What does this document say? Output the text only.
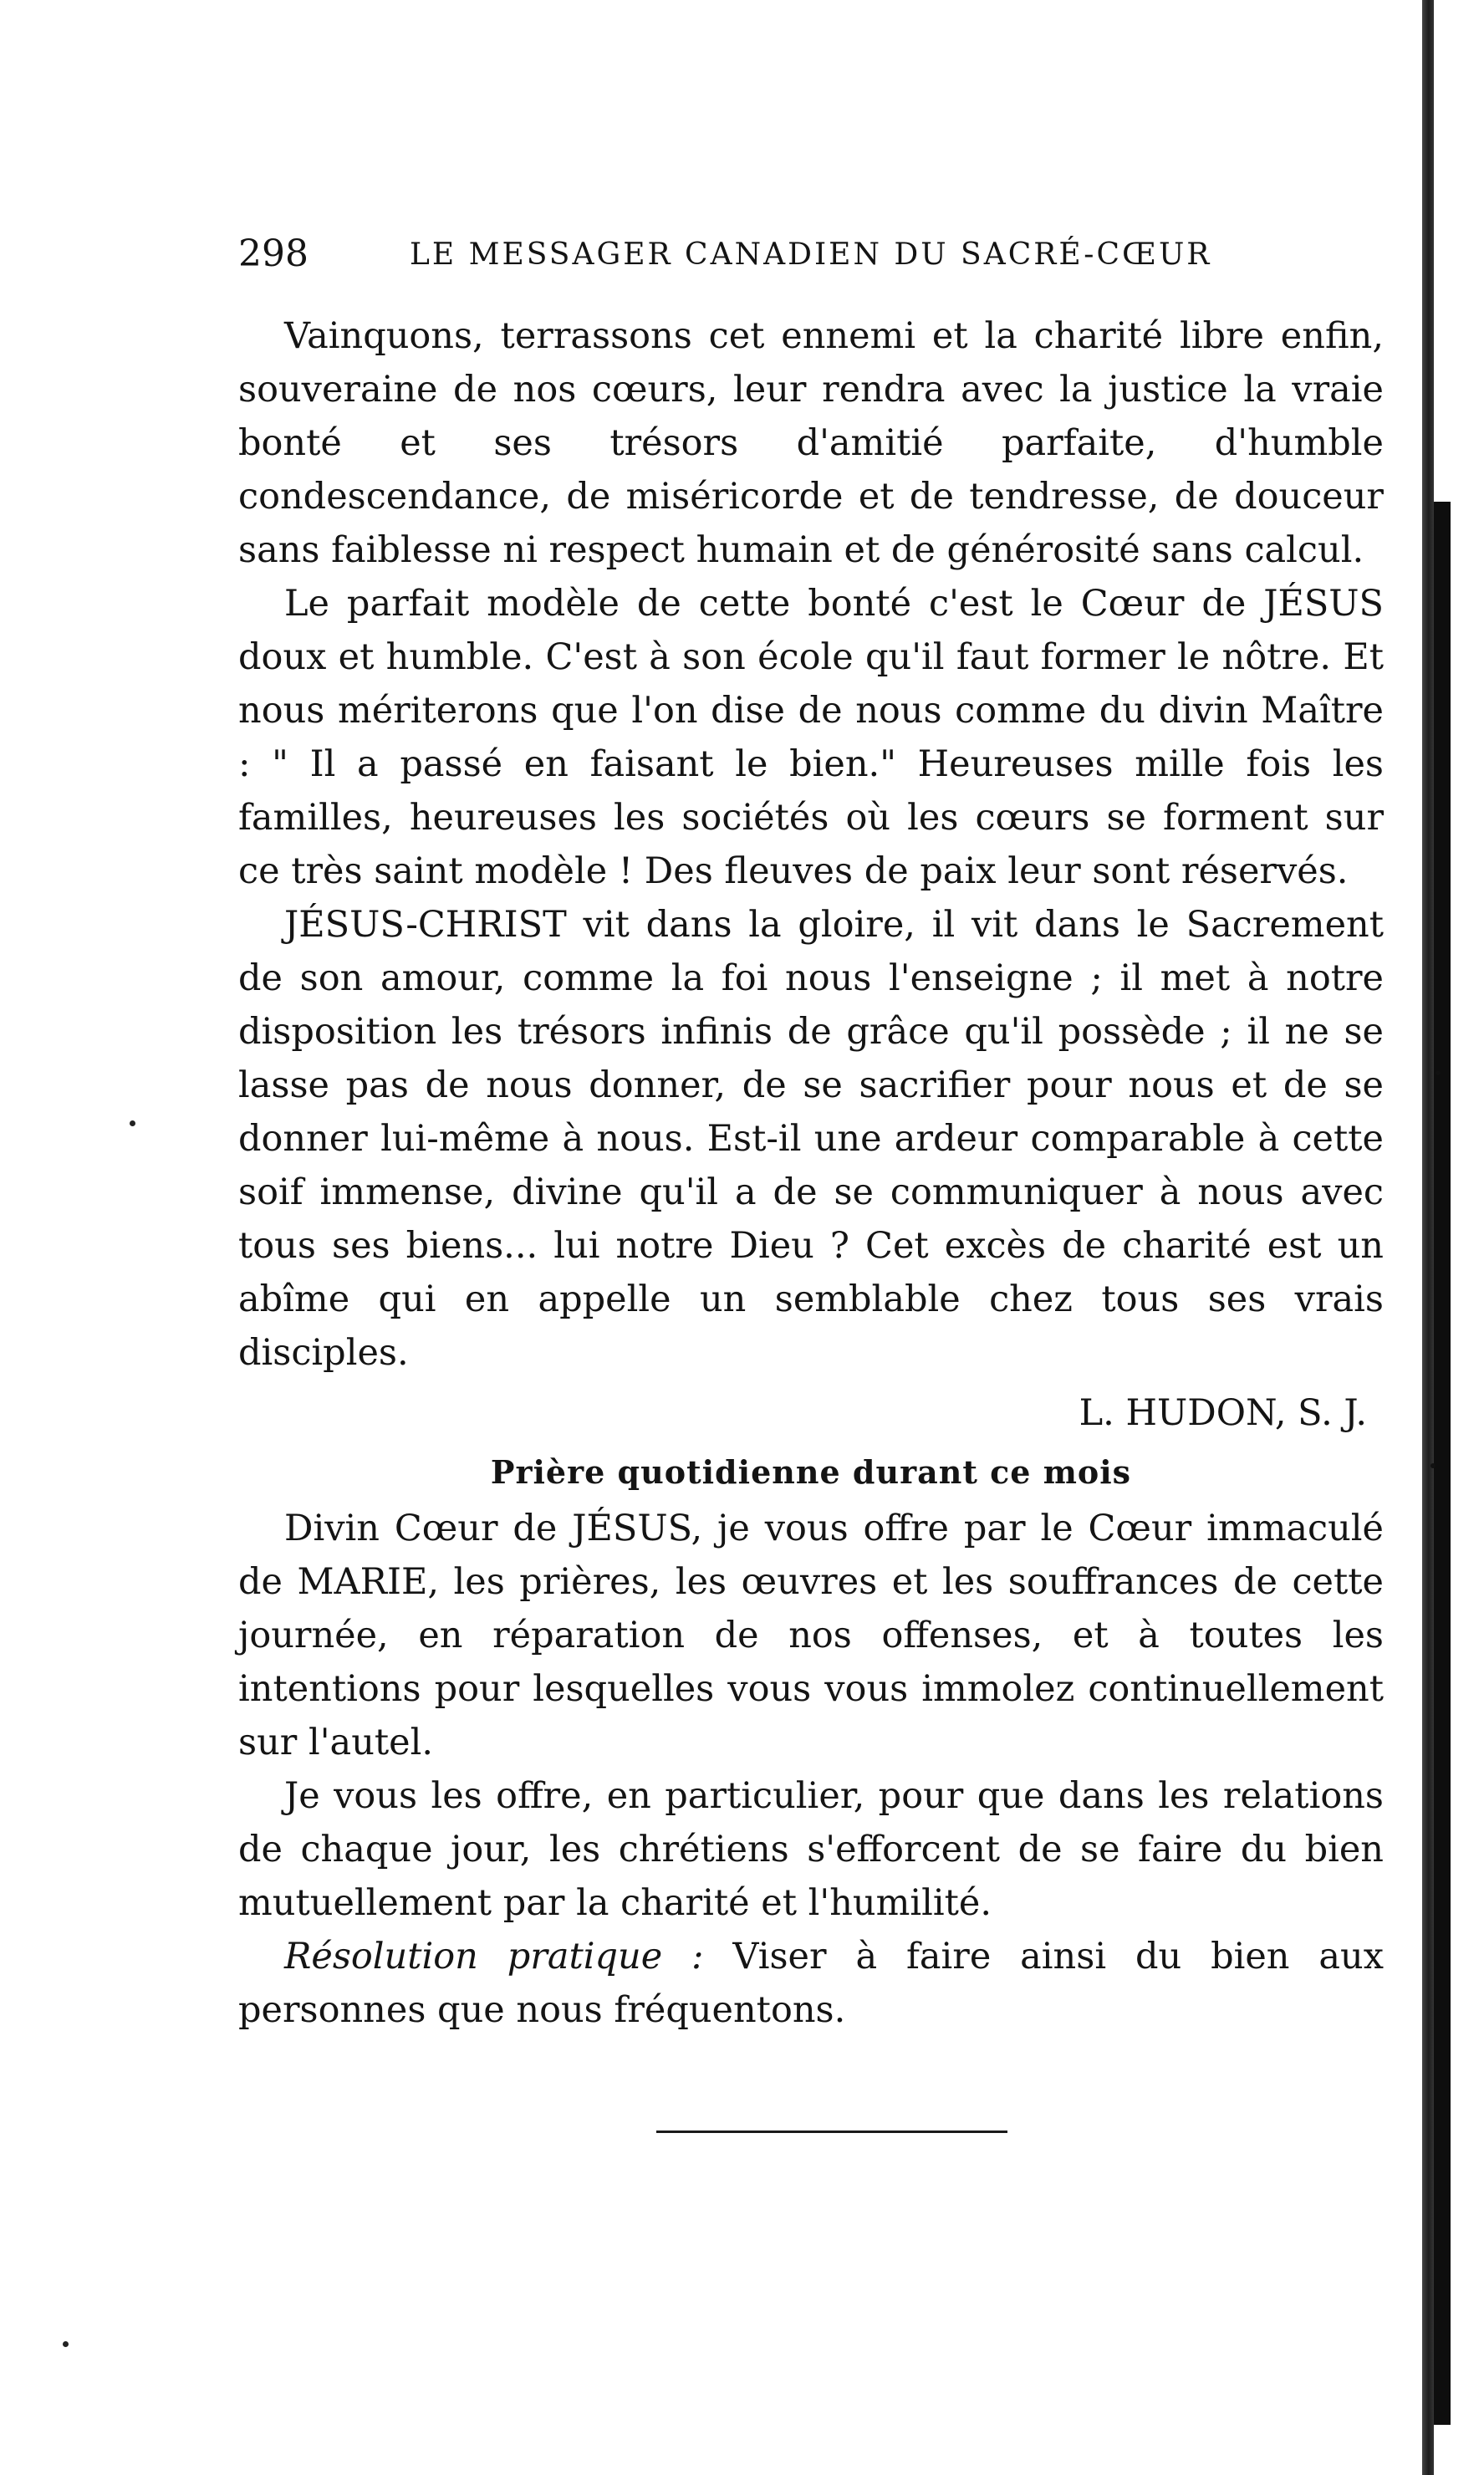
298	LE MESSAGER CANADIEN DU SACRÉ-CŒUR

Vainquons, terrassons cet ennemi et la charité libre enfin, souveraine de nos cœurs, leur rendra avec la justice la vraie bonté et ses trésors d'amitié parfaite, d'humble condescendance, de miséricorde et de tendresse, de douceur sans faiblesse ni respect humain et de générosité sans calcul.

Le parfait modèle de cette bonté c'est le Cœur de JÉSUS doux et humble. C'est à son école qu'il faut former le nôtre. Et nous mériterons que l'on dise de nous comme du divin Maître : " Il a passé en faisant le bien." Heureuses mille fois les familles, heureuses les sociétés où les cœurs se forment sur ce très saint modèle ! Des fleuves de paix leur sont réservés.

JÉSUS-CHRIST vit dans la gloire, il vit dans le Sacrement de son amour, comme la foi nous l'enseigne ; il met à notre disposition les trésors infinis de grâce qu'il possède ; il ne se lasse pas de nous donner, de se sacrifier pour nous et de se donner lui-même à nous. Est-il une ardeur comparable à cette soif immense, divine qu'il a de se communiquer à nous avec tous ses biens... lui notre Dieu ? Cet excès de charité est un abîme qui en appelle un semblable chez tous ses vrais disciples.

L. HUDON, S. J.
Prière quotidienne durant ce mois

Divin Cœur de JÉSUS, je vous offre par le Cœur immaculé de MARIE, les prières, les œuvres et les souffrances de cette journée, en réparation de nos offenses, et à toutes les intentions pour lesquelles vous vous immolez continuellement sur l'autel.

Je vous les offre, en particulier, pour que dans les relations de chaque jour, les chrétiens s'efforcent de se faire du bien mutuellement par la charité et l'humilité.

Résolution pratique : Viser à faire ainsi du bien aux personnes que nous fréquentons.
